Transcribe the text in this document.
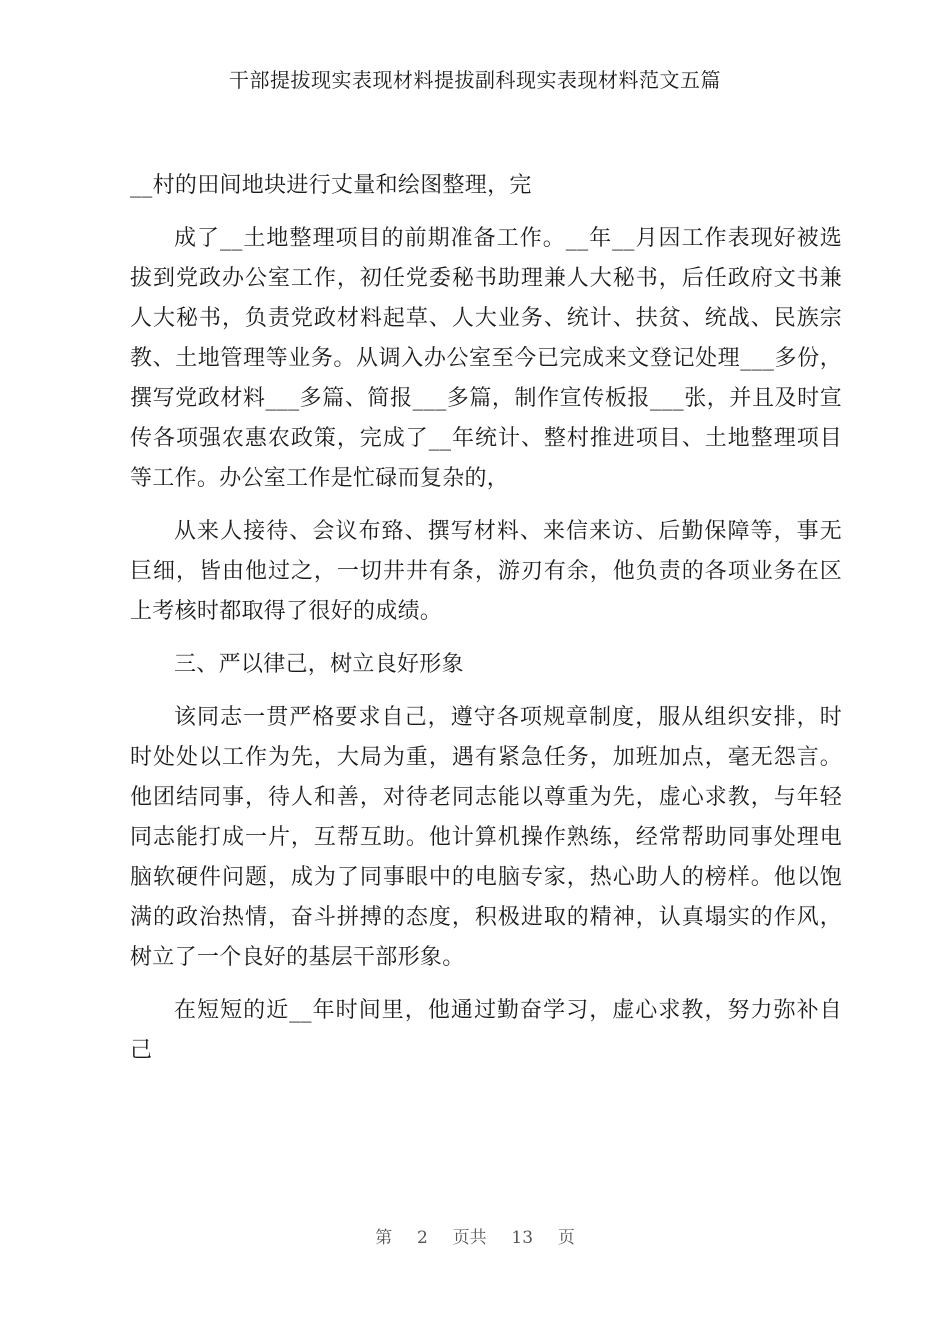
干部提拔现实表现材料提拔副科现实表现材料范文五篇

__村的田间地块进行丈量和绘图整理，完

成了__土地整理项目的前期准备工作。__年__月因工作表现好被选拔到党政办公室工作，初任党委秘书助理兼人大秘书，后任政府文书兼人大秘书，负责党政材料起草、人大业务、统计、扶贫、统战、民族宗教、土地管理等业务。从调入办公室至今已完成来文登记处理___多份，撰写党政材料___多篇、简报___多篇，制作宣传板报___张，并且及时宣传各项强农惠农政策，完成了__年统计、整村推进项目、土地整理项目等工作。办公室工作是忙碌而复杂的，

从来人接待、会议布臵、撰写材料、来信来访、后勤保障等，事无巨细，皆由他过之，一切井井有条，游刃有余，他负责的各项业务在区上考核时都取得了很好的成绩。

三、严以律己，树立良好形象

该同志一贯严格要求自己，遵守各项规章制度，服从组织安排，时时处处以工作为先，大局为重，遇有紧急任务，加班加点，毫无怨言。他团结同事，待人和善，对待老同志能以尊重为先，虚心求教，与年轻同志能打成一片，互帮互助。他计算机操作熟练，经常帮助同事处理电脑软硬件问题，成为了同事眼中的电脑专家，热心助人的榜样。他以饱满的政治热情，奋斗拼搏的态度，积极进取的精神，认真塌实的作风，树立了一个良好的基层干部形象。

在短短的近__年时间里，他通过勤奋学习，虚心求教，努力弥补自己

第 2 页共 13 页
